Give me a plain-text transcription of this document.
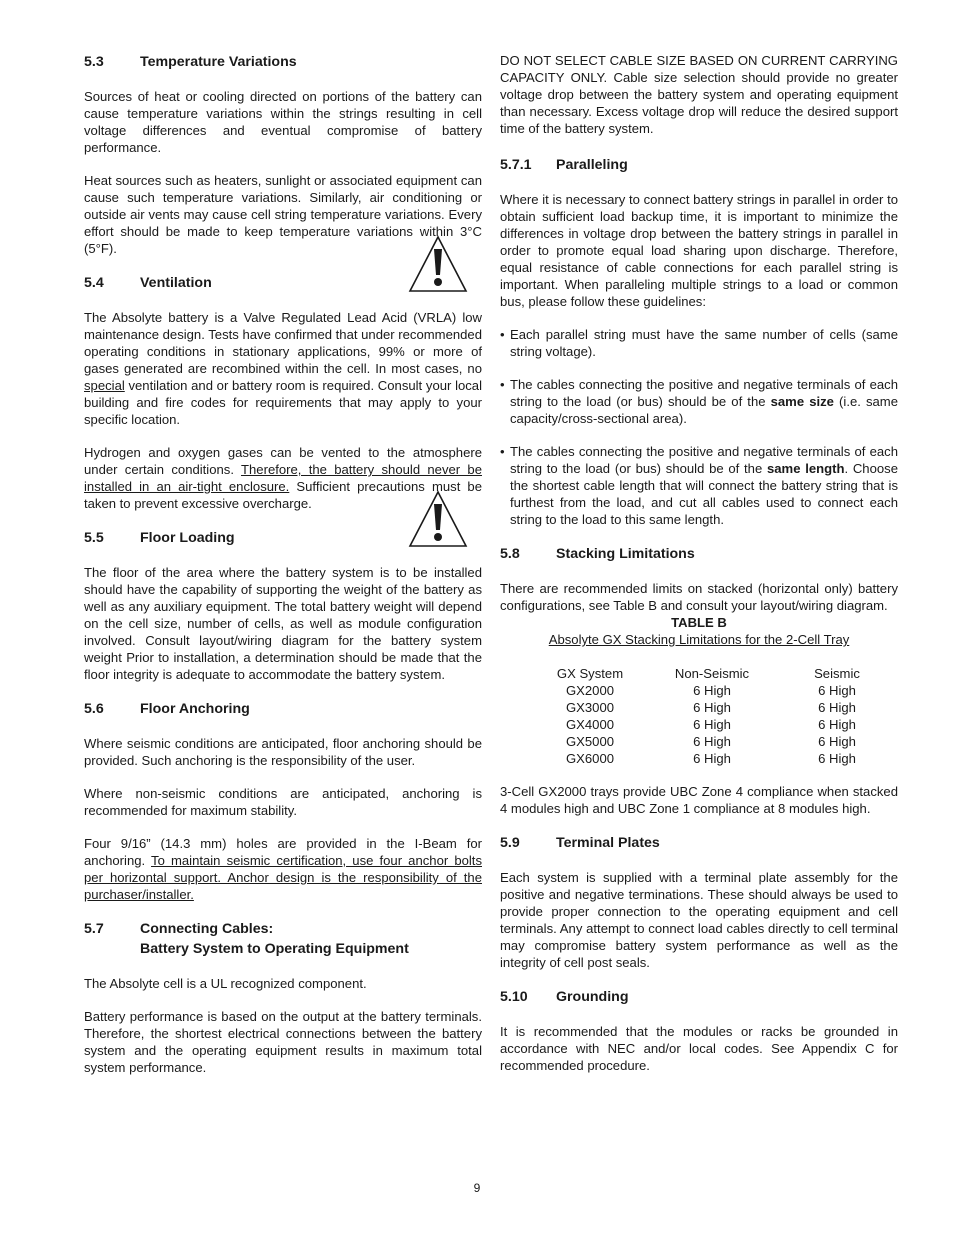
5.3	Temperature Variations

Sources of heat or cooling directed on portions of the battery can cause temperature variations within the strings resulting in cell voltage differences and eventual compromise of battery performance.

Heat sources such as heaters, sunlight or associated equipment can cause such temperature variations. Similarly, air conditioning or outside air vents may cause cell string temperature variations. Every effort should be made to keep temperature variations within 3°C (5°F).

5.4	Ventilation

The Absolyte battery is a Valve Regulated Lead Acid (VRLA) low maintenance design. Tests have confirmed that under recommended operating conditions in stationary applications, 99% or more of gases generated are recombined within the cell. In most cases, no special ventilation and or battery room is required. Consult your local building and fire codes for requirements that may apply to your specific location.

Hydrogen and oxygen gases can be vented to the atmosphere under certain conditions. Therefore, the battery should never be installed in an air-tight enclosure. Sufficient precautions must be taken to prevent excessive overcharge.

5.5	Floor Loading

The floor of the area where the battery system is to be installed should have the capability of supporting the weight of the battery as well as any auxiliary equipment. The total battery weight will depend on the cell size, number of cells, as well as module configuration involved. Consult layout/wiring diagram for the battery system weight Prior to installation, a determination should be made that the floor integrity is adequate to accommodate the battery system.

5.6	Floor Anchoring

Where seismic conditions are anticipated, floor anchoring should be provided. Such anchoring is the responsibility of the user.

Where non-seismic conditions are anticipated, anchoring is recommended for maximum stability.

Four 9/16” (14.3 mm) holes are provided in the I-Beam for anchoring. To maintain seismic certification, use four anchor bolts per horizontal support. Anchor design is the responsibility of the purchaser/installer.

5.7	Connecting Cables:
Battery System to Operating Equipment

The Absolyte cell is a UL recognized component.

Battery performance is based on the output at the battery terminals. Therefore, the shortest electrical connections between the battery system and the operating equipment results in maximum total system performance.

DO NOT SELECT CABLE SIZE BASED ON CURRENT CARRYING CAPACITY ONLY. Cable size selection should provide no greater voltage drop between the battery system and operating equipment than necessary. Excess voltage drop will reduce the desired support time of the battery system.

5.7.1	Paralleling

Where it is necessary to connect battery strings in parallel in order to obtain sufficient load backup time, it is important to minimize the differences in voltage drop between the battery strings in parallel in order to promote equal load sharing upon discharge. Therefore, equal resistance of cable connections for each parallel string is important. When paralleling multiple strings to a load or common bus, please follow these guidelines:

• Each parallel string must have the same number of cells (same string voltage).
• The cables connecting the positive and negative terminals of each string to the load (or bus) should be of the same size (i.e. same capacity/cross-sectional area).
• The cables connecting the positive and negative terminals of each string to the load (or bus) should be of the same length. Choose the shortest cable length that will connect the battery string that is furthest from the load, and cut all cables used to connect each string to the load to this same length.
5.8	Stacking Limitations

There are recommended limits on stacked (horizontal only) battery configurations, see Table B and consult your layout/wiring diagram.

TABLE B
Absolyte GX Stacking Limitations for the 2-Cell Tray
GX System	Non-Seismic	Seismic
GX2000	6 High	6 High
GX3000	6 High	6 High
GX4000	6 High	6 High
GX5000	6 High	6 High
GX6000	6 High	6 High

3-Cell GX2000 trays provide UBC Zone 4 compliance when stacked 4 modules high and UBC Zone 1 compliance at 8 modules high.

5.9	Terminal Plates

Each system is supplied with a terminal plate assembly for the positive and negative terminations. These should always be used to provide proper connection to the operating equipment and cell terminals. Any attempt to connect load cables directly to cell terminal may compromise battery system performance as well as the integrity of cell post seals.

5.10	Grounding

It is recommended that the modules or racks be grounded in accordance with NEC and/or local codes. See Appendix C for recommended procedure.

9
